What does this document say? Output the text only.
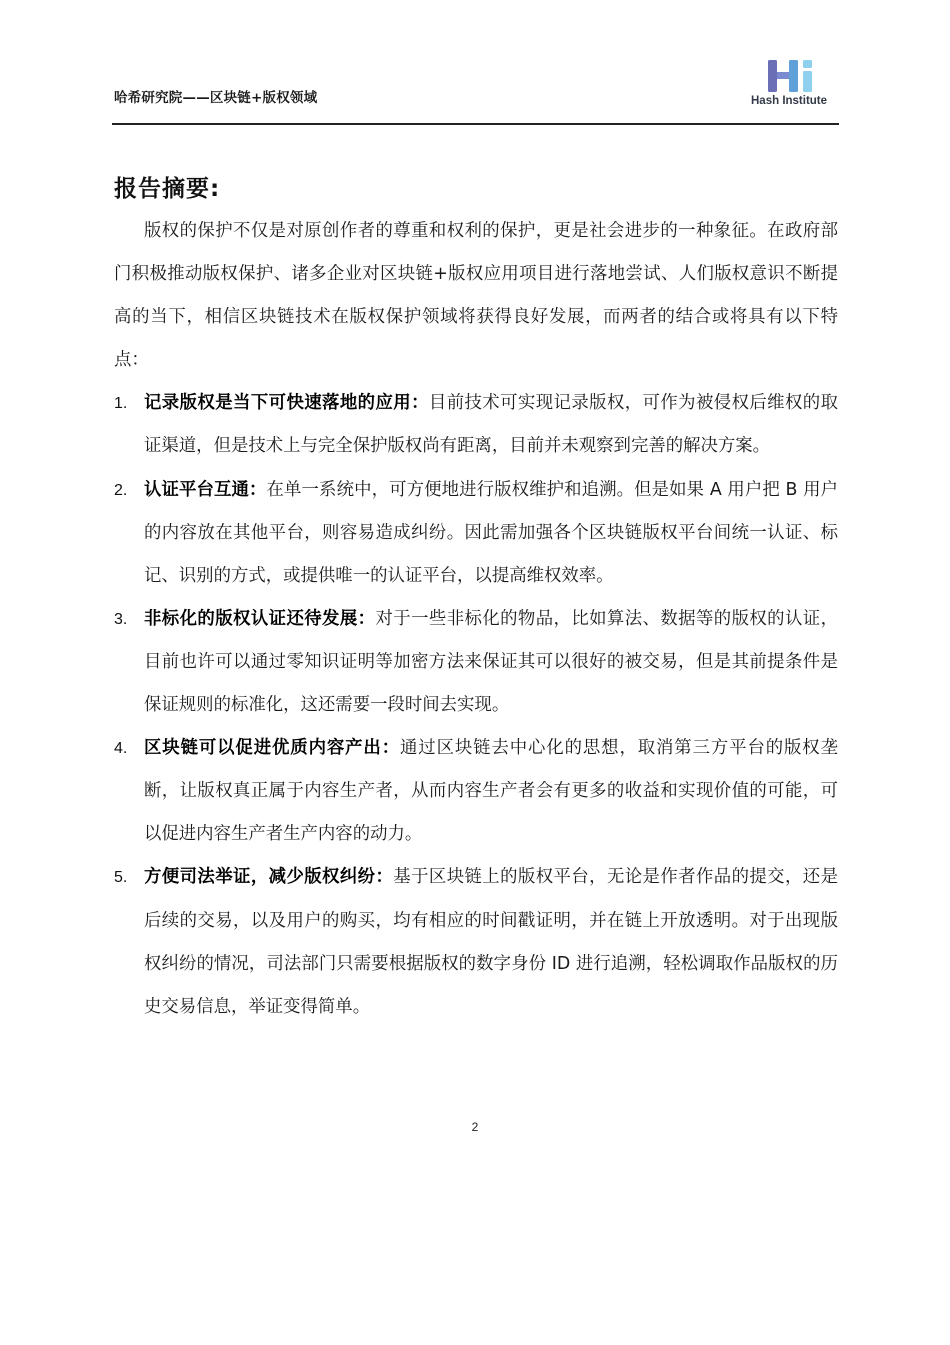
哈希研究院——区块链+版权领域	Hash Institute
报告摘要:

版权的保护不仅是对原创作者的尊重和权利的保护，更是社会进步的一种象征。在政府部门积极推动版权保护、诸多企业对区块链+版权应用项目进行落地尝试、人们版权意识不断提高的当下，相信区块链技术在版权保护领域将获得良好发展，而两者的结合或将具有以下特点：

1. 记录版权是当下可快速落地的应用：目前技术可实现记录版权，可作为被侵权后维权的取证渠道，但是技术上与完全保护版权尚有距离，目前并未观察到完善的解决方案。
2. 认证平台互通：在单一系统中，可方便地进行版权维护和追溯。但是如果 A 用户把 B 用户的内容放在其他平台，则容易造成纠纷。因此需加强各个区块链版权平台间统一认证、标记、识别的方式，或提供唯一的认证平台，以提高维权效率。
3. 非标化的版权认证还待发展：对于一些非标化的物品，比如算法、数据等的版权的认证，目前也许可以通过零知识证明等加密方法来保证其可以很好的被交易，但是其前提条件是保证规则的标准化，这还需要一段时间去实现。
4. 区块链可以促进优质内容产出：通过区块链去中心化的思想，取消第三方平台的版权垄断，让版权真正属于内容生产者，从而内容生产者会有更多的收益和实现价值的可能，可以促进内容生产者生产内容的动力。
5. 方便司法举证，减少版权纠纷：基于区块链上的版权平台，无论是作者作品的提交，还是后续的交易，以及用户的购买，均有相应的时间戳证明，并在链上开放透明。对于出现版权纠纷的情况，司法部门只需要根据版权的数字身份 ID 进行追溯，轻松调取作品版权的历史交易信息，举证变得简单。
2
